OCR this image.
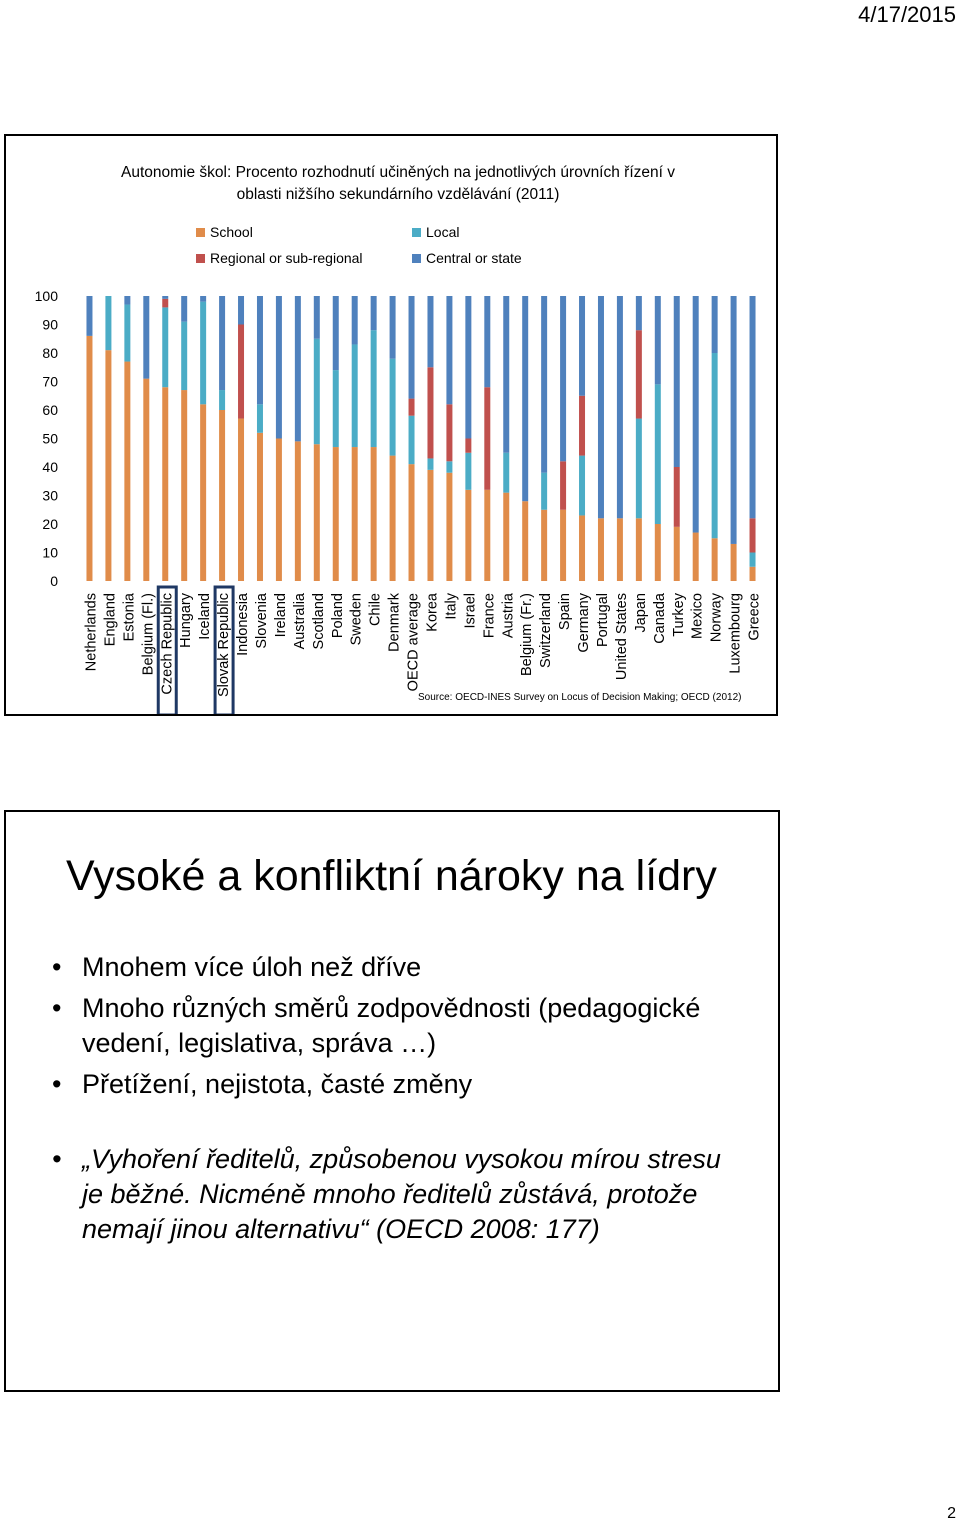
4/17/2015
Autonomie škol: Procento rozhodnutí učiněných na jednotlivých úrovních řízení v
oblasti nižšího sekundárního vzdělávání (2011)
School	Local
Regional or sub-regional	Central or state
0
10
20
30
40
50
60
70
80
90
100
Netherlands England Estonia Belgium (Fl.) Czech Republic Hungary Iceland Slovak Republic Indonesia Slovenia Ireland Australia Scotland Poland Sweden Chile Denmark OECD average Korea Italy Israel France Austria Belgium (Fr.) Switzerland Spain Germany Portugal United States Japan Canada Turkey Mexico Norway Luxembourg Greece
Source: OECD-INES Survey on Locus of Decision Making; OECD (2012)
Vysoké a konfliktní nároky na lídry
• Mnohem více úloh než dříve
• Mnoho různých směrů zodpovědnosti (pedagogické vedení, legislativa, správa …)
• Přetížení, nejistota, časté změny
• „Vyhoření ředitelů, způsobenou vysokou mírou stresu je běžné. Nicméně mnoho ředitelů zůstává, protože nemají jinou alternativu“ (OECD 2008: 177)
2
